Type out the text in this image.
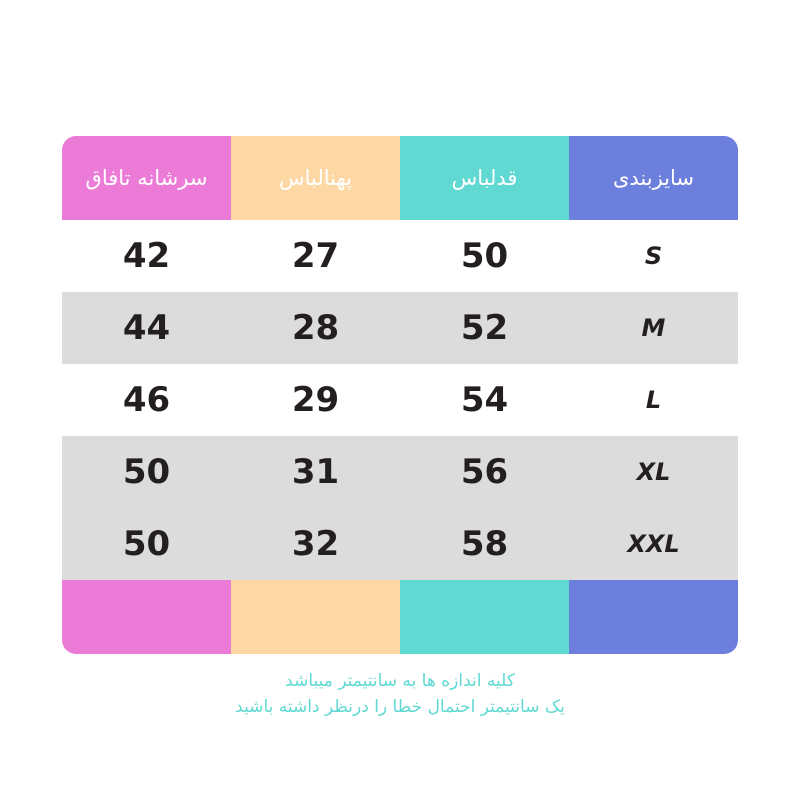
سایزبندی	قدلباس	پهنالباس	سرشانه تافاق
S	50	27	42
M	52	28	44
L	54	29	46
XL	56	31	50
XXL	58	32	50

کلیه اندازه ها به سانتیمتر میباشد
یک سانتیمتر احتمال خطا را درنظر داشته باشید
